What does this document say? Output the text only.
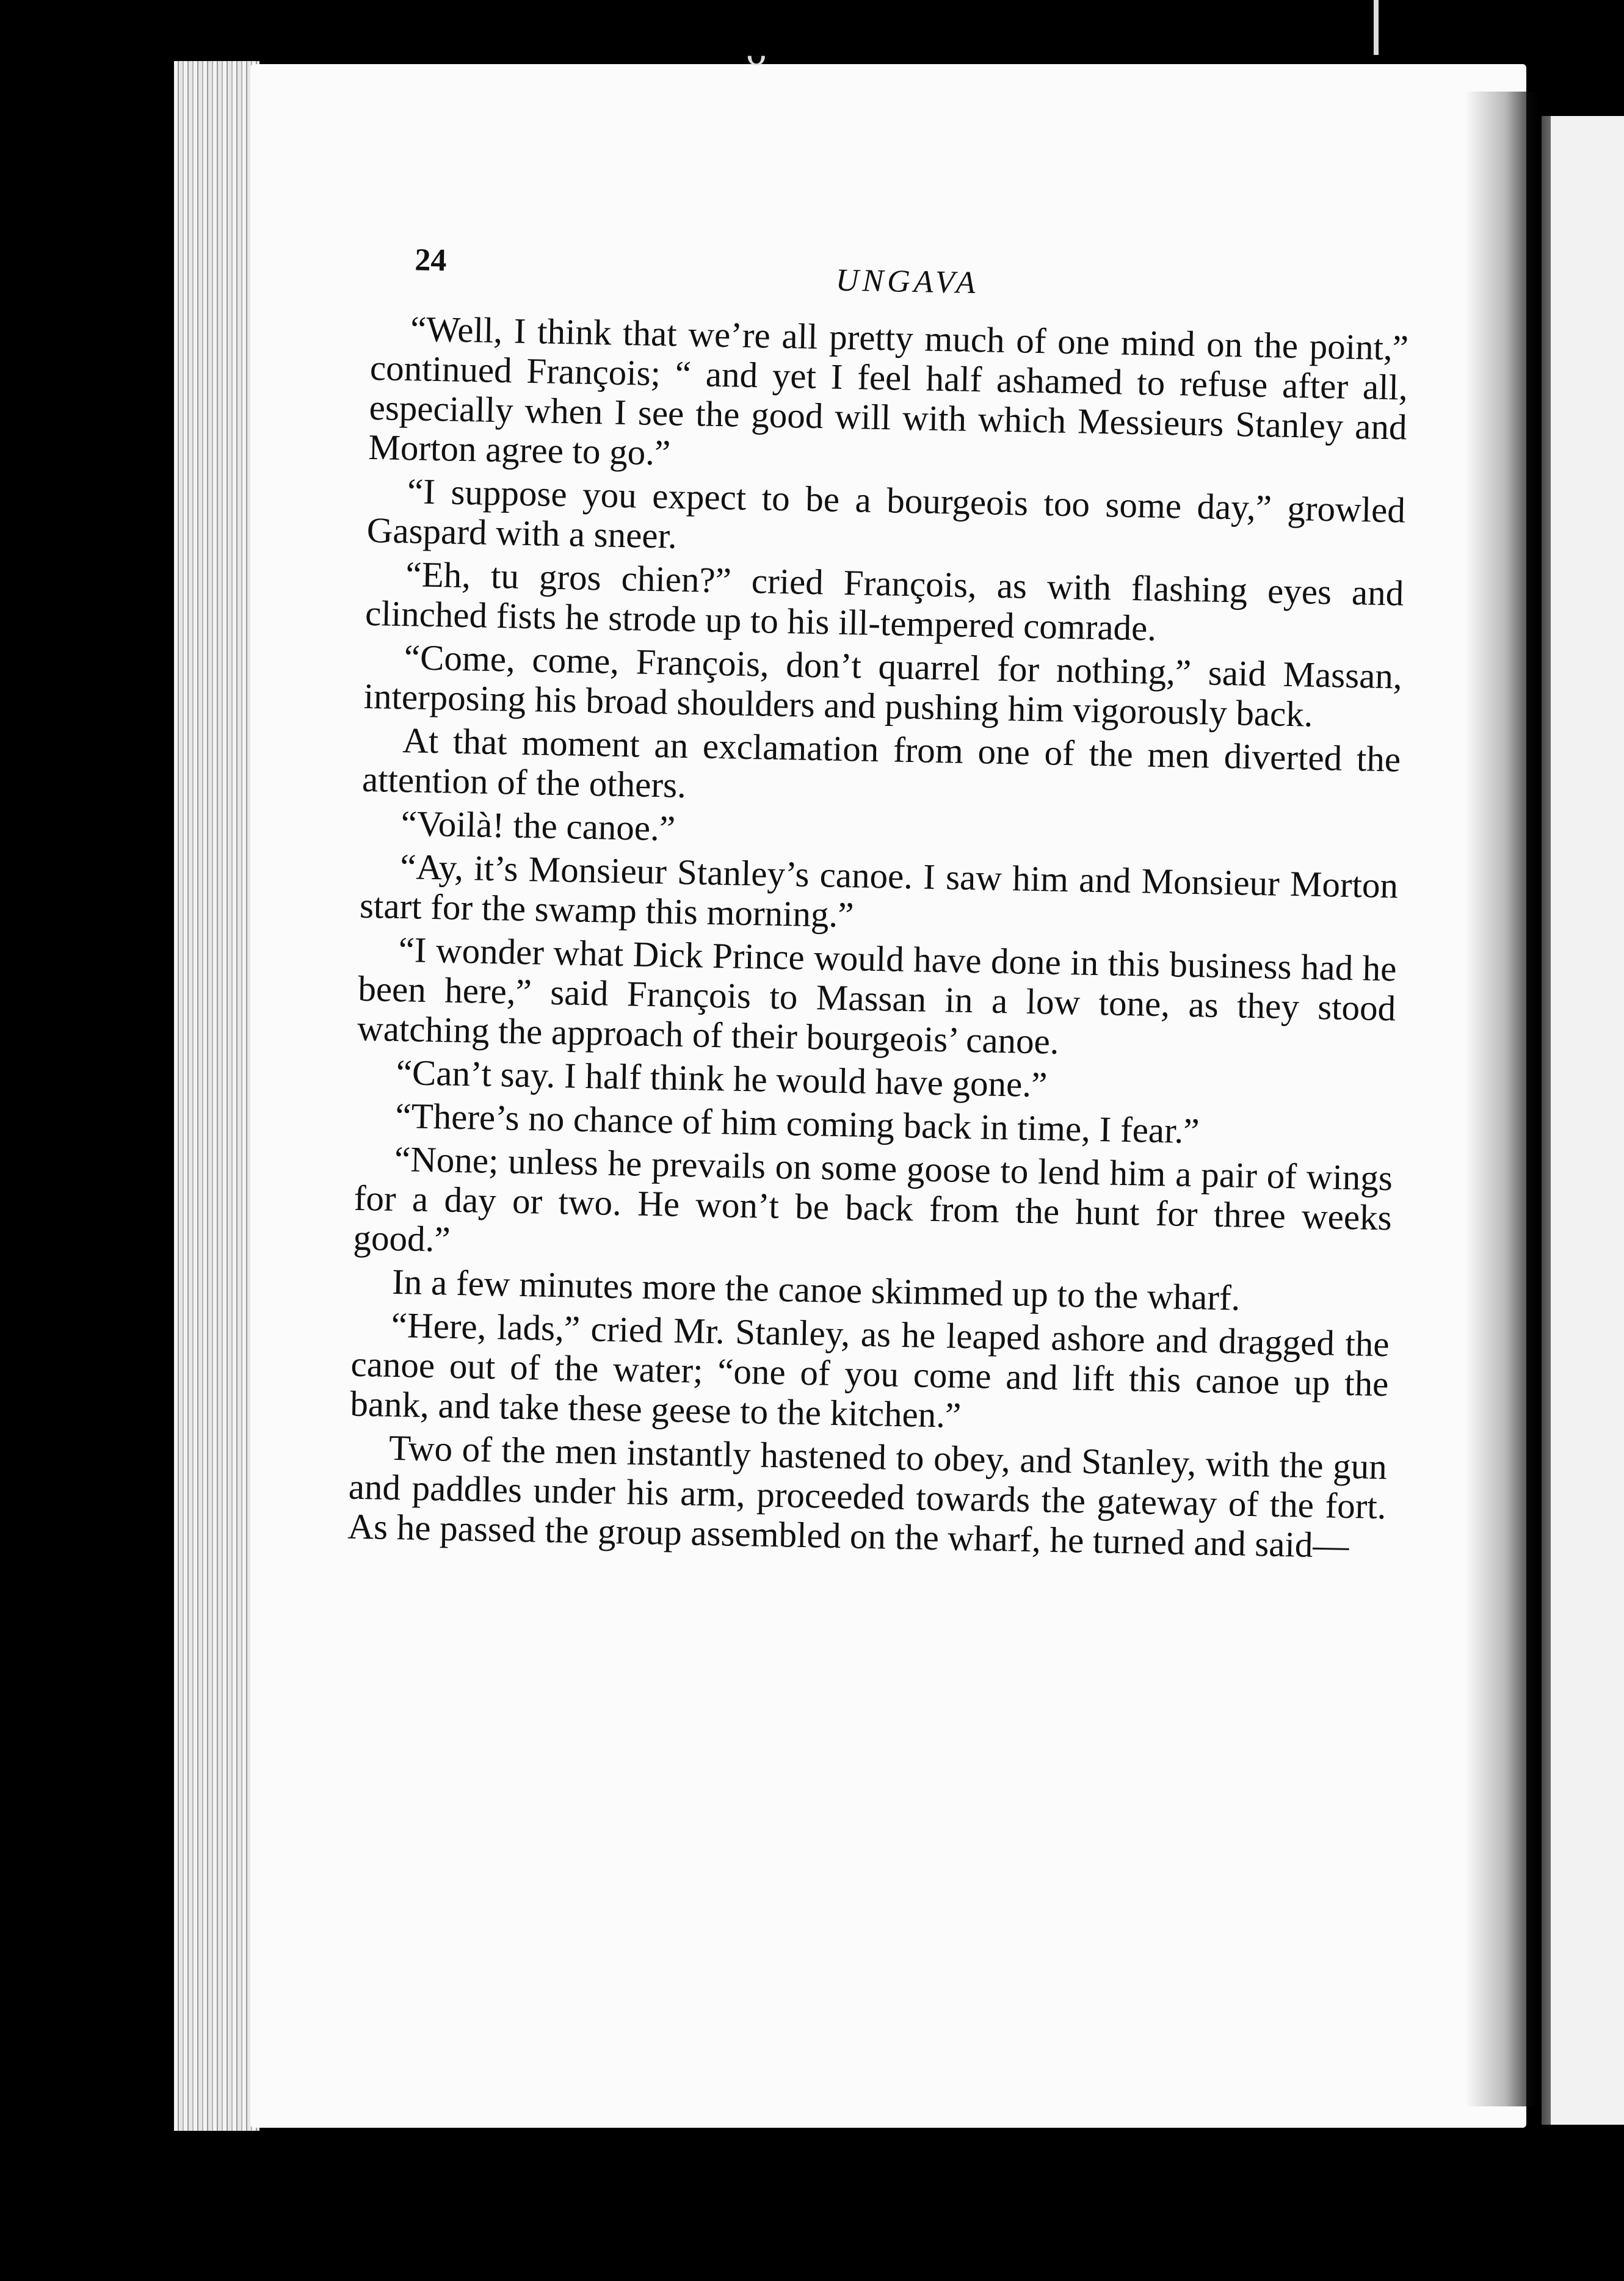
ᴗ
24
UNGAVA

“Well, I think that we’re all pretty much of one mind on the point,” continued François; “ and yet I feel half ashamed to refuse after all, especially when I see the good will with which Messieurs Stanley and Morton agree to go.”

“I suppose you expect to be a bourgeois too some day,” growled Gaspard with a sneer.

“Eh, tu gros chien?” cried François, as with flashing eyes and clinched fists he strode up to his ill-tempered comrade.

“Come, come, François, don’t quarrel for nothing,” said Massan, interposing his broad shoulders and pushing him vigorously back.

At that moment an exclamation from one of the men diverted the attention of the others.

“Voilà! the canoe.”

“Ay, it’s Monsieur Stanley’s canoe. I saw him and Monsieur Morton start for the swamp this morning.”

“I wonder what Dick Prince would have done in this business had he been here,” said François to Massan in a low tone, as they stood watching the approach of their bourgeois’ canoe.

“Can’t say. I half think he would have gone.”

“There’s no chance of him coming back in time, I fear.”

“None; unless he prevails on some goose to lend him a pair of wings for a day or two. He won’t be back from the hunt for three weeks good.”

In a few minutes more the canoe skimmed up to the wharf.

“Here, lads,” cried Mr. Stanley, as he leaped ashore and dragged the canoe out of the water; “one of you come and lift this canoe up the bank, and take these geese to the kitchen.”

Two of the men instantly hastened to obey, and Stanley, with the gun and paddles under his arm, proceeded towards the gateway of the fort. As he passed the group assembled on the wharf, he turned and said—
